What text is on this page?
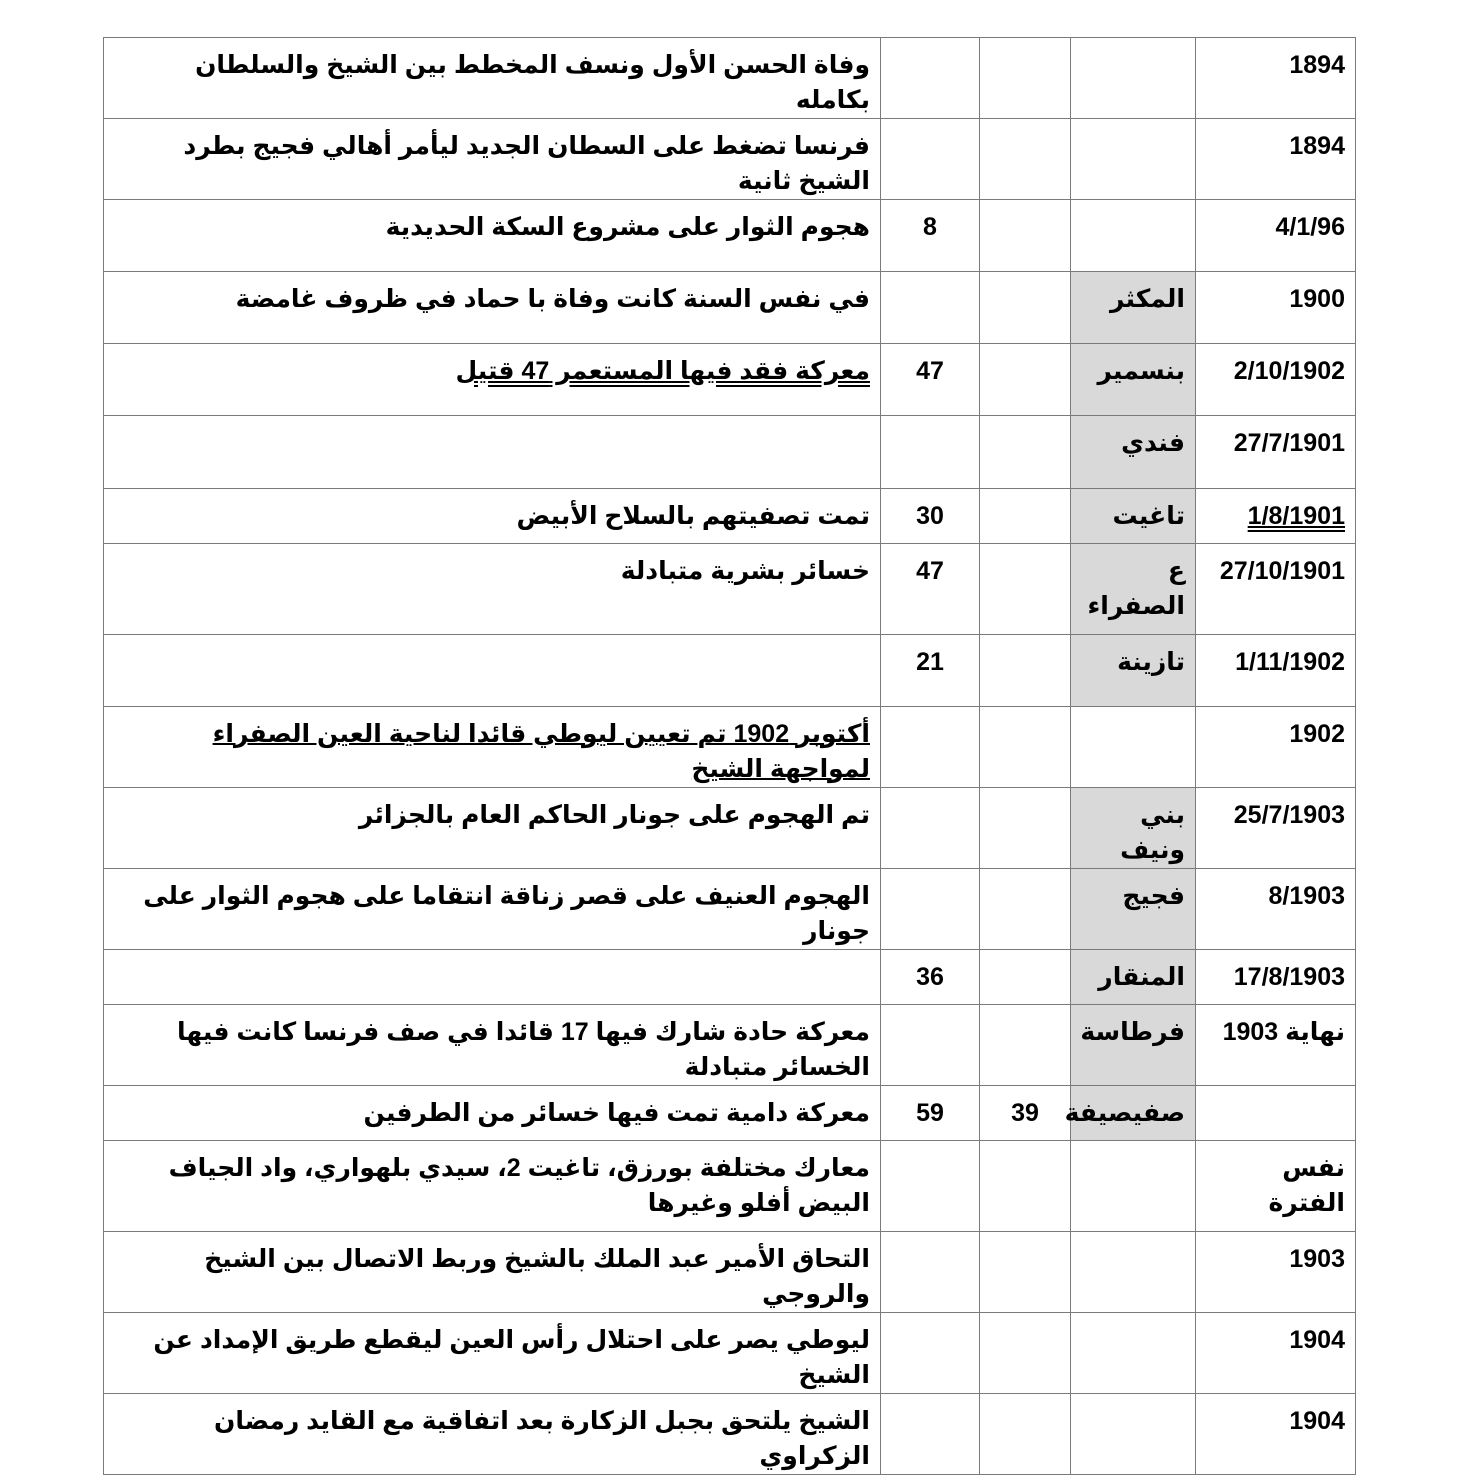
1894				وفاة الحسن الأول ونسف المخطط بين الشيخ والسلطان بكامله
1894				فرنسا تضغط على السطان الجديد ليأمر أهالي فجيج بطرد الشيخ ثانية
4/1/96			8	هجوم الثوار على مشروع السكة الحديدية
1900	المكثر			في نفس السنة كانت وفاة با حماد في ظروف غامضة
2/10/1902	بنسمير		47	معركة فقد فيها المستعمر 47 قتيل
27/7/1901	فندي			
1/8/1901	تاغيت		30	تمت تصفيتهم بالسلاح الأبيض

27/10/1901	ع الصفراء		47	خسائر بشرية متبادلة
1/11/1902	تازينة		21	
1902				أكتوبر 1902 تم تعيين ليوطي قائدا لناحية العين الصفراء لمواجهة الشيخ
25/7/1903	بني ونيف			تم الهجوم على جونار الحاكم العام بالجزائر
8/1903	فجيج			الهجوم العنيف على قصر زناقة انتقاما على هجوم الثوار على جونار
17/8/1903	المنقار		36	
نهاية 1903	فرطاسة			معركة حادة شارك فيها 17 قائدا في صف فرنسا كانت فيها الخسائر متبادلة
	صفيصيفة	39	59	معركة دامية تمت فيها خسائر من الطرفين
نفس الفترة				معارك مختلفة بورزق، تاغيت 2، سيدي بلهواري، واد الجياف البيض أفلو وغيرها
1903				التحاق الأمير عبد الملك بالشيخ وربط الاتصال بين الشيخ والروجي
1904				ليوطي يصر على احتلال رأس العين ليقطع طريق الإمداد عن الشيخ
1904				الشيخ يلتحق بجبل الزكارة بعد اتفاقية مع القايد رمضان الزكراوي
